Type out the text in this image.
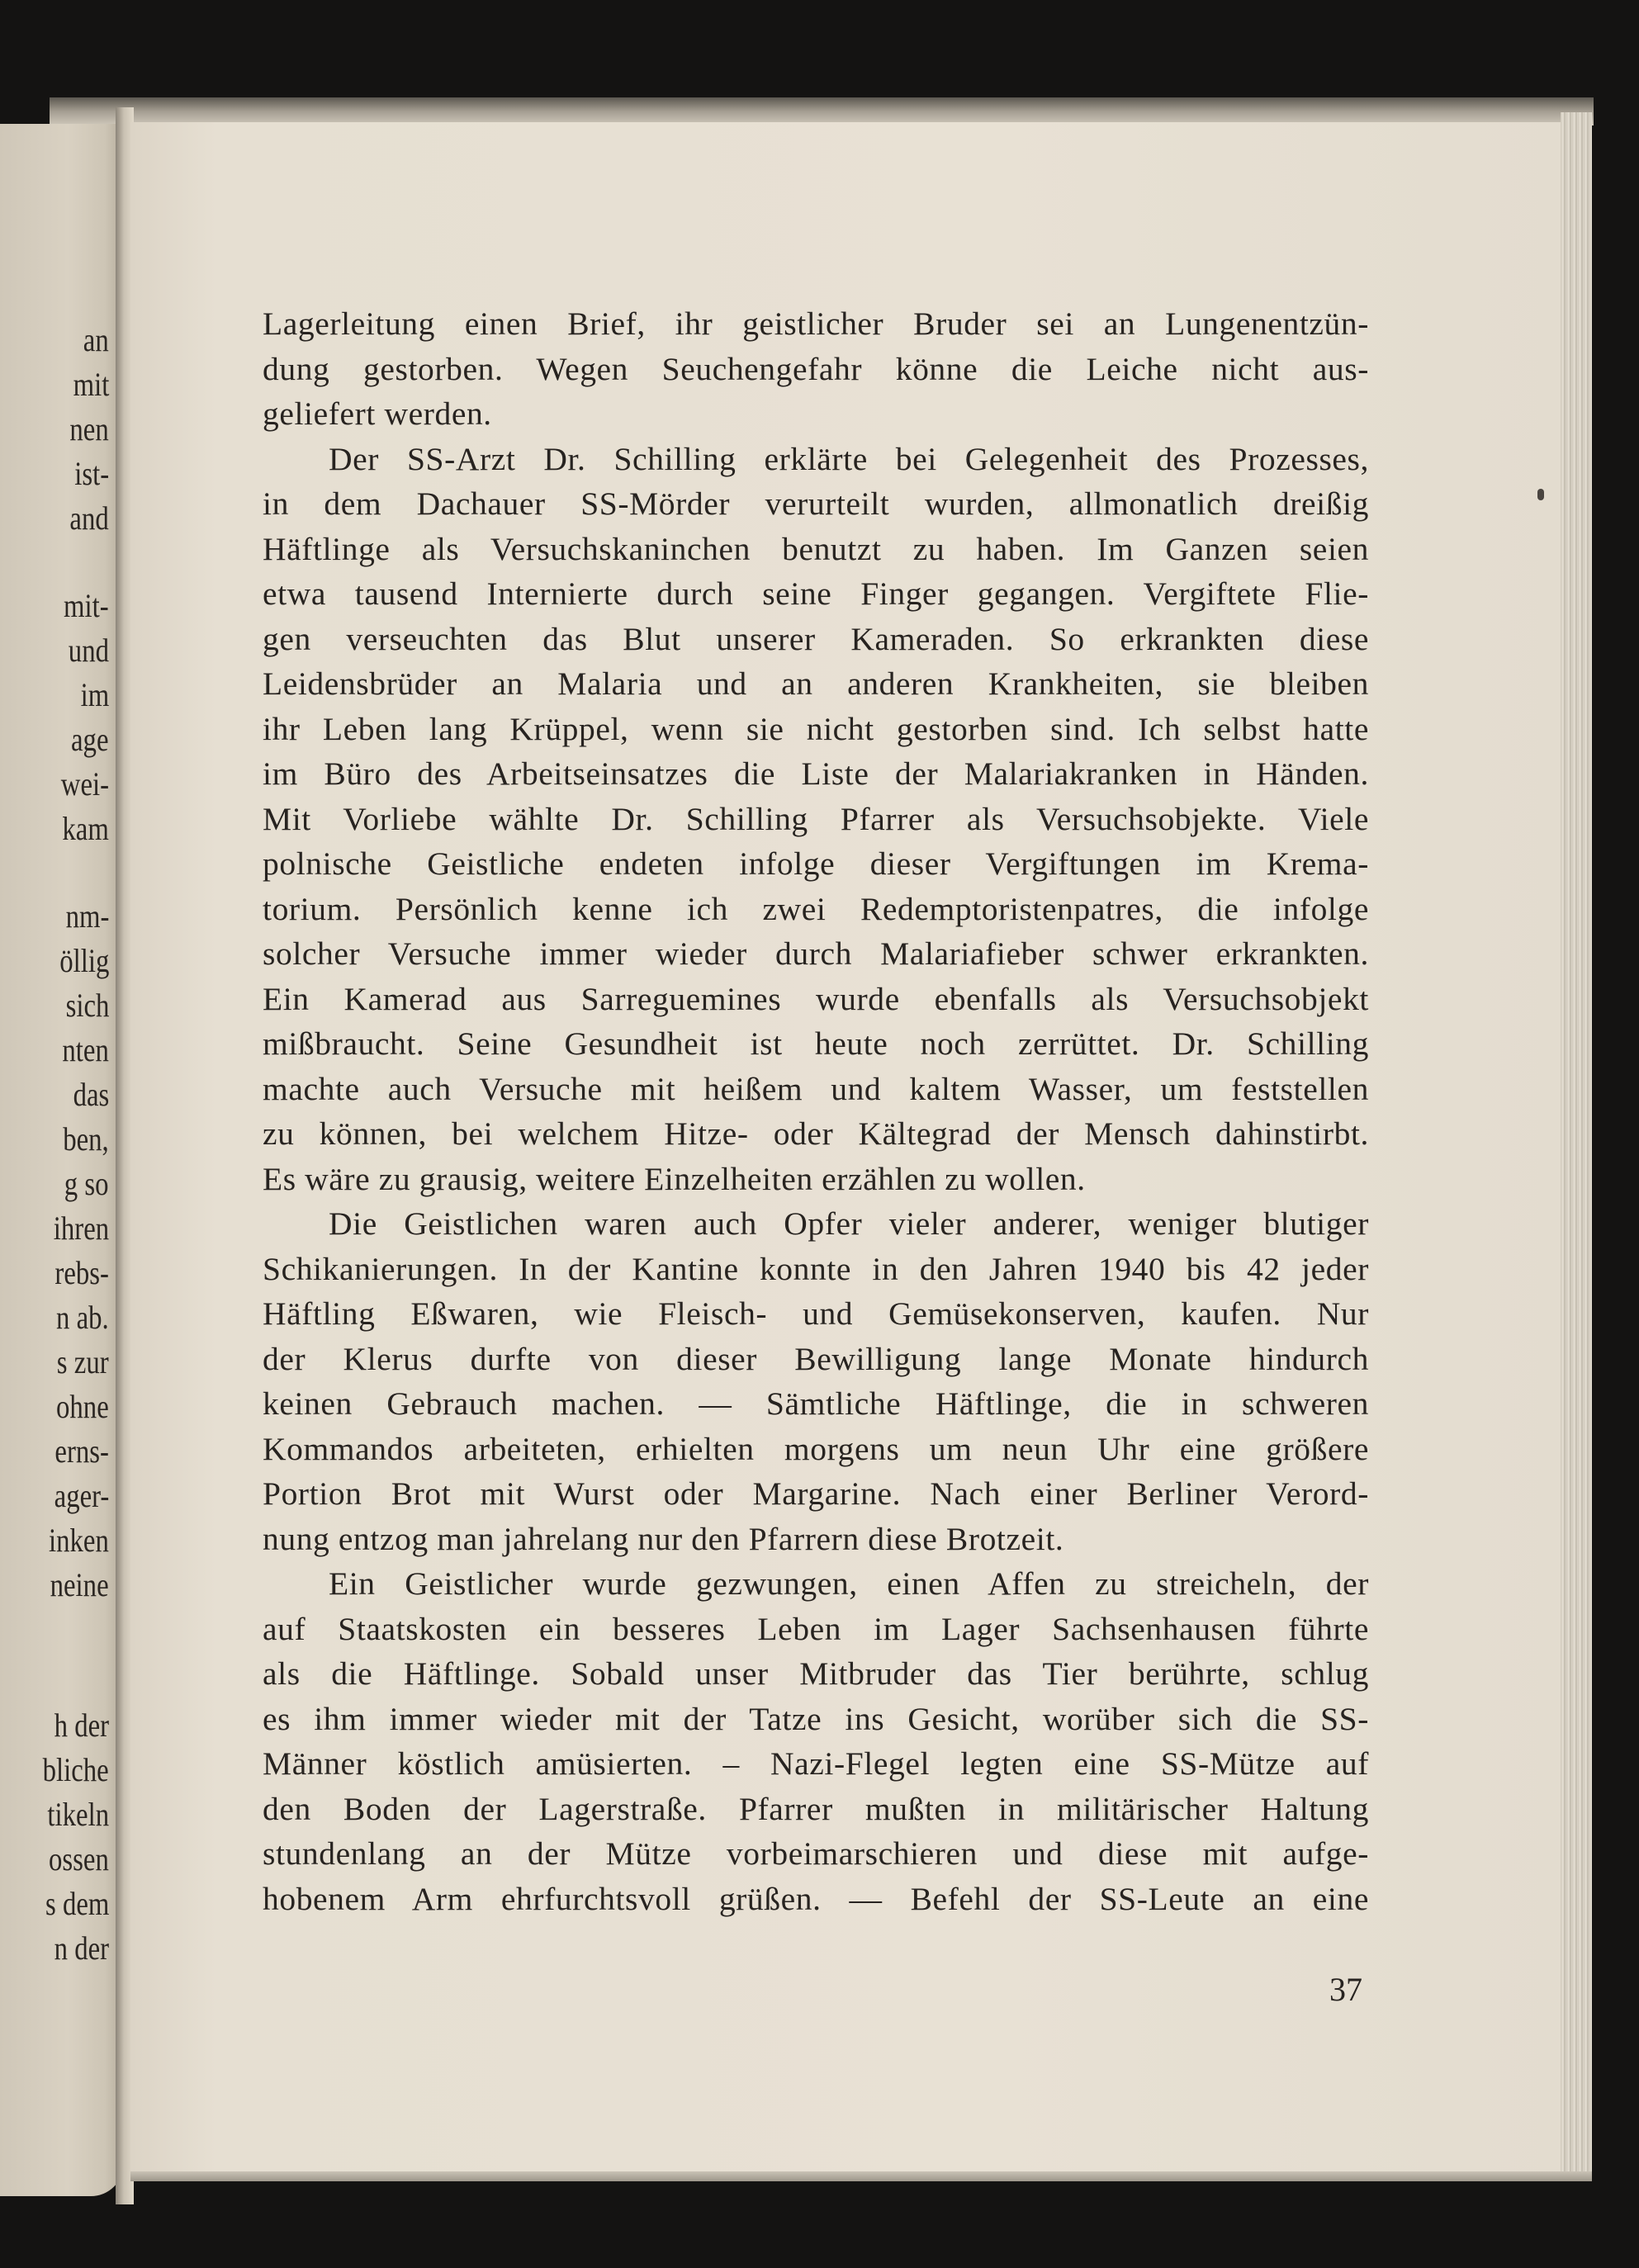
an
mit
nen
ist-
and
mit-
und
im
age
wei-
kam
nm-
öllig
sich
nten
das
ben,
g so
ihren
rebs-
n ab.
s zur
ohne
erns-
ager-
inken
neine
h der
bliche
tikeln
ossen
s dem
n der
Lagerleitung einen Brief, ihr geistlicher Bruder sei an Lungenentzün-
dung gestorben. Wegen Seuchengefahr könne die Leiche nicht aus-
geliefert werden.
Der SS-Arzt Dr. Schilling erklärte bei Gelegenheit des Prozesses,
in dem Dachauer SS-Mörder verurteilt wurden, allmonatlich dreißig
Häftlinge als Versuchskaninchen benutzt zu haben. Im Ganzen seien
etwa tausend Internierte durch seine Finger gegangen. Vergiftete Flie-
gen verseuchten das Blut unserer Kameraden. So erkrankten diese
Leidensbrüder an Malaria und an anderen Krankheiten, sie bleiben
ihr Leben lang Krüppel, wenn sie nicht gestorben sind. Ich selbst hatte
im Büro des Arbeitseinsatzes die Liste der Malariakranken in Händen.
Mit Vorliebe wählte Dr. Schilling Pfarrer als Versuchsobjekte. Viele
polnische Geistliche endeten infolge dieser Vergiftungen im Krema-
torium. Persönlich kenne ich zwei Redemptoristenpatres, die infolge
solcher Versuche immer wieder durch Malariafieber schwer erkrankten.
Ein Kamerad aus Sarreguemines wurde ebenfalls als Versuchsobjekt
mißbraucht. Seine Gesundheit ist heute noch zerrüttet. Dr. Schilling
machte auch Versuche mit heißem und kaltem Wasser, um feststellen
zu können, bei welchem Hitze- oder Kältegrad der Mensch dahinstirbt.
Es wäre zu grausig, weitere Einzelheiten erzählen zu wollen.
Die Geistlichen waren auch Opfer vieler anderer, weniger blutiger
Schikanierungen. In der Kantine konnte in den Jahren 1940 bis 42 jeder
Häftling Eßwaren, wie Fleisch- und Gemüsekonserven, kaufen. Nur
der Klerus durfte von dieser Bewilligung lange Monate hindurch
keinen Gebrauch machen. — Sämtliche Häftlinge, die in schweren
Kommandos arbeiteten, erhielten morgens um neun Uhr eine größere
Portion Brot mit Wurst oder Margarine. Nach einer Berliner Verord-
nung entzog man jahrelang nur den Pfarrern diese Brotzeit.
Ein Geistlicher wurde gezwungen, einen Affen zu streicheln, der
auf Staatskosten ein besseres Leben im Lager Sachsenhausen führte
als die Häftlinge. Sobald unser Mitbruder das Tier berührte, schlug
es ihm immer wieder mit der Tatze ins Gesicht, worüber sich die SS-
Männer köstlich amüsierten. – Nazi-Flegel legten eine SS-Mütze auf
den Boden der Lagerstraße. Pfarrer mußten in militärischer Haltung
stundenlang an der Mütze vorbeimarschieren und diese mit aufge-
hobenem Arm ehrfurchtsvoll grüßen. — Befehl der SS-Leute an eine
37
